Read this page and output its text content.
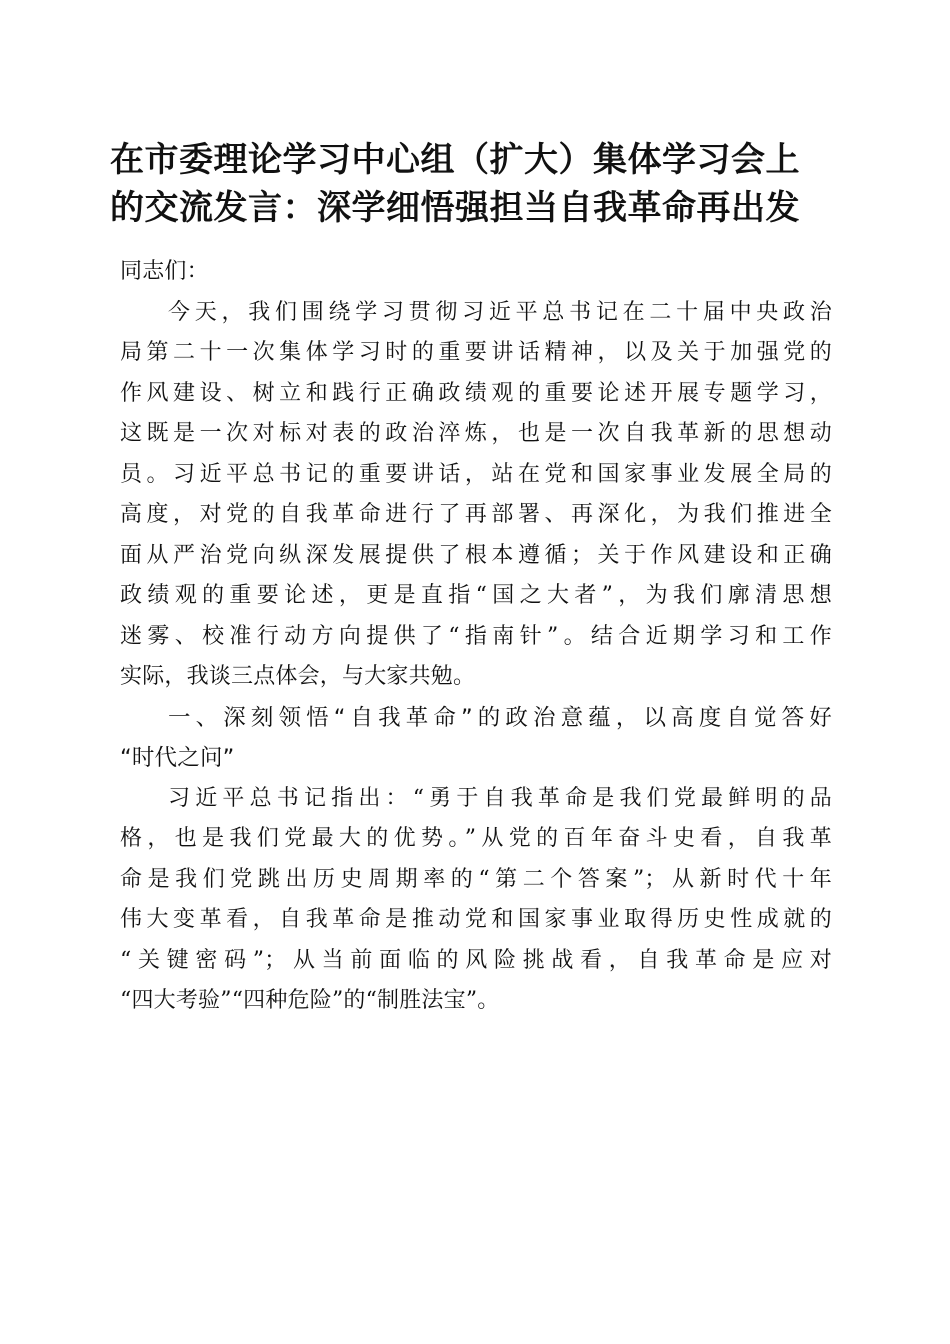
在市委理论学习中心组（扩大）集体学习会上
的交流发言：深学细悟强担当自我革命再出发
同志们：
今天，我们围绕学习贯彻习近平总书记在二十届中央政治
局第二十一次集体学习时的重要讲话精神，以及关于加强党的
作风建设、树立和践行正确政绩观的重要论述开展专题学习，
这既是一次对标对表的政治淬炼，也是一次自我革新的思想动
员。习近平总书记的重要讲话，站在党和国家事业发展全局的
高度，对党的自我革命进行了再部署、再深化，为我们推进全
面从严治党向纵深发展提供了根本遵循；关于作风建设和正确
政绩观的重要论述，更是直指“国之大者”，为我们廓清思想
迷雾、校准行动方向提供了“指南针”。结合近期学习和工作
实际，我谈三点体会，与大家共勉。
一、深刻领悟“自我革命”的政治意蕴，以高度自觉答好
“时代之问”
习近平总书记指出：“勇于自我革命是我们党最鲜明的品
格，也是我们党最大的优势。”从党的百年奋斗史看，自我革
命是我们党跳出历史周期率的“第二个答案”；从新时代十年
伟大变革看，自我革命是推动党和国家事业取得历史性成就的
“关键密码”；从当前面临的风险挑战看，自我革命是应对
“四大考验”“四种危险”的“制胜法宝”。
